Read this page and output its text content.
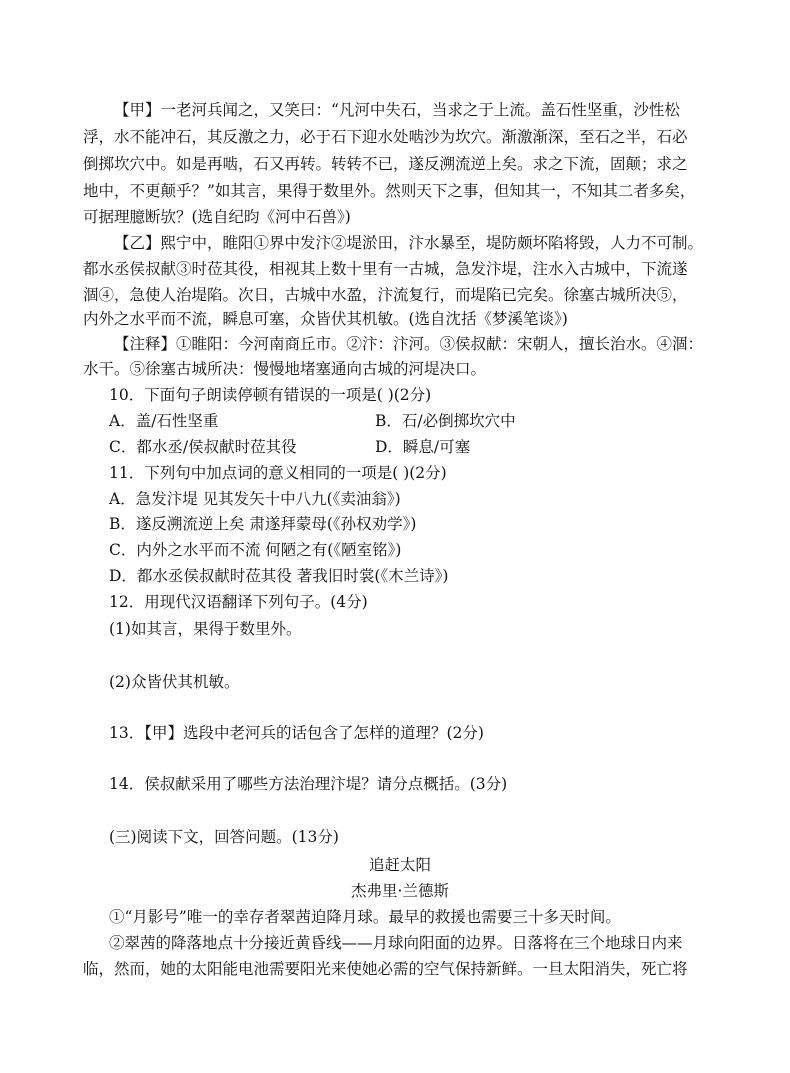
【甲】一老河兵闻之，又笑曰：“凡河中失石，当求之于上流。盖石性坚重，沙性松
浮，水不能冲石，其反激之力，必于石下迎水处啮沙为坎穴。渐激渐深，至石之半，石必
倒掷坎穴中。如是再啮，石又再转。转转不已，遂反溯流逆上矣。求之下流，固颠；求之
地中，不更颠乎？”如其言，果得于数里外。然则天下之事，但知其一，不知其二者多矣，
可据理臆断欤？(选自纪昀《河中石兽》)
【乙】熙宁中，睢阳①界中发汴②堤淤田，汴水暴至，堤防颇坏陷将毁，人力不可制。
都水丞侯叔献③时莅其役，相视其上数十里有一古城，急发汴堤，注水入古城中，下流遂
涸④，急使人治堤陷。次日，古城中水盈，汴流复行，而堤陷已完矣。徐塞古城所决⑤，
内外之水平而不流，瞬息可塞，众皆伏其机敏。(选自沈括《梦溪笔谈》)
【注释】①睢阳：今河南商丘市。②汴：汴河。③侯叔献：宋朝人，擅长治水。④涸：
水干。⑤徐塞古城所决：慢慢地堵塞通向古城的河堤决口。
10．下面句子朗读停顿有错误的一项是( )(2分)
A．盖/石性坚重	B．石/必倒掷坎穴中
C．都水丞/侯叔献时莅其役	D．瞬息/可塞
11．下列句中加点词的意义相同的一项是( )(2分)
A．急发汴堤 见其发矢十中八九(《卖油翁》)
B．遂反溯流逆上矣 肃遂拜蒙母(《孙权劝学》)
C．内外之水平而不流 何陋之有(《陋室铭》)
D．都水丞侯叔献时莅其役 著我旧时裳(《木兰诗》)
12．用现代汉语翻译下列句子。(4分)
(1)如其言，果得于数里外。
(2)众皆伏其机敏。
13．【甲】选段中老河兵的话包含了怎样的道理？(2分)
14．侯叔献采用了哪些方法治理汴堤？请分点概括。(3分)
(三)阅读下文，回答问题。(13分)
追赶太阳
杰弗里·兰德斯
①“月影号”唯一的幸存者翠茜迫降月球。最早的救援也需要三十多天时间。
②翠茜的降落地点十分接近黄昏线——月球向阳面的边界。日落将在三个地球日内来
临，然而，她的太阳能电池需要阳光来使她必需的空气保持新鲜。一旦太阳消失，死亡将
